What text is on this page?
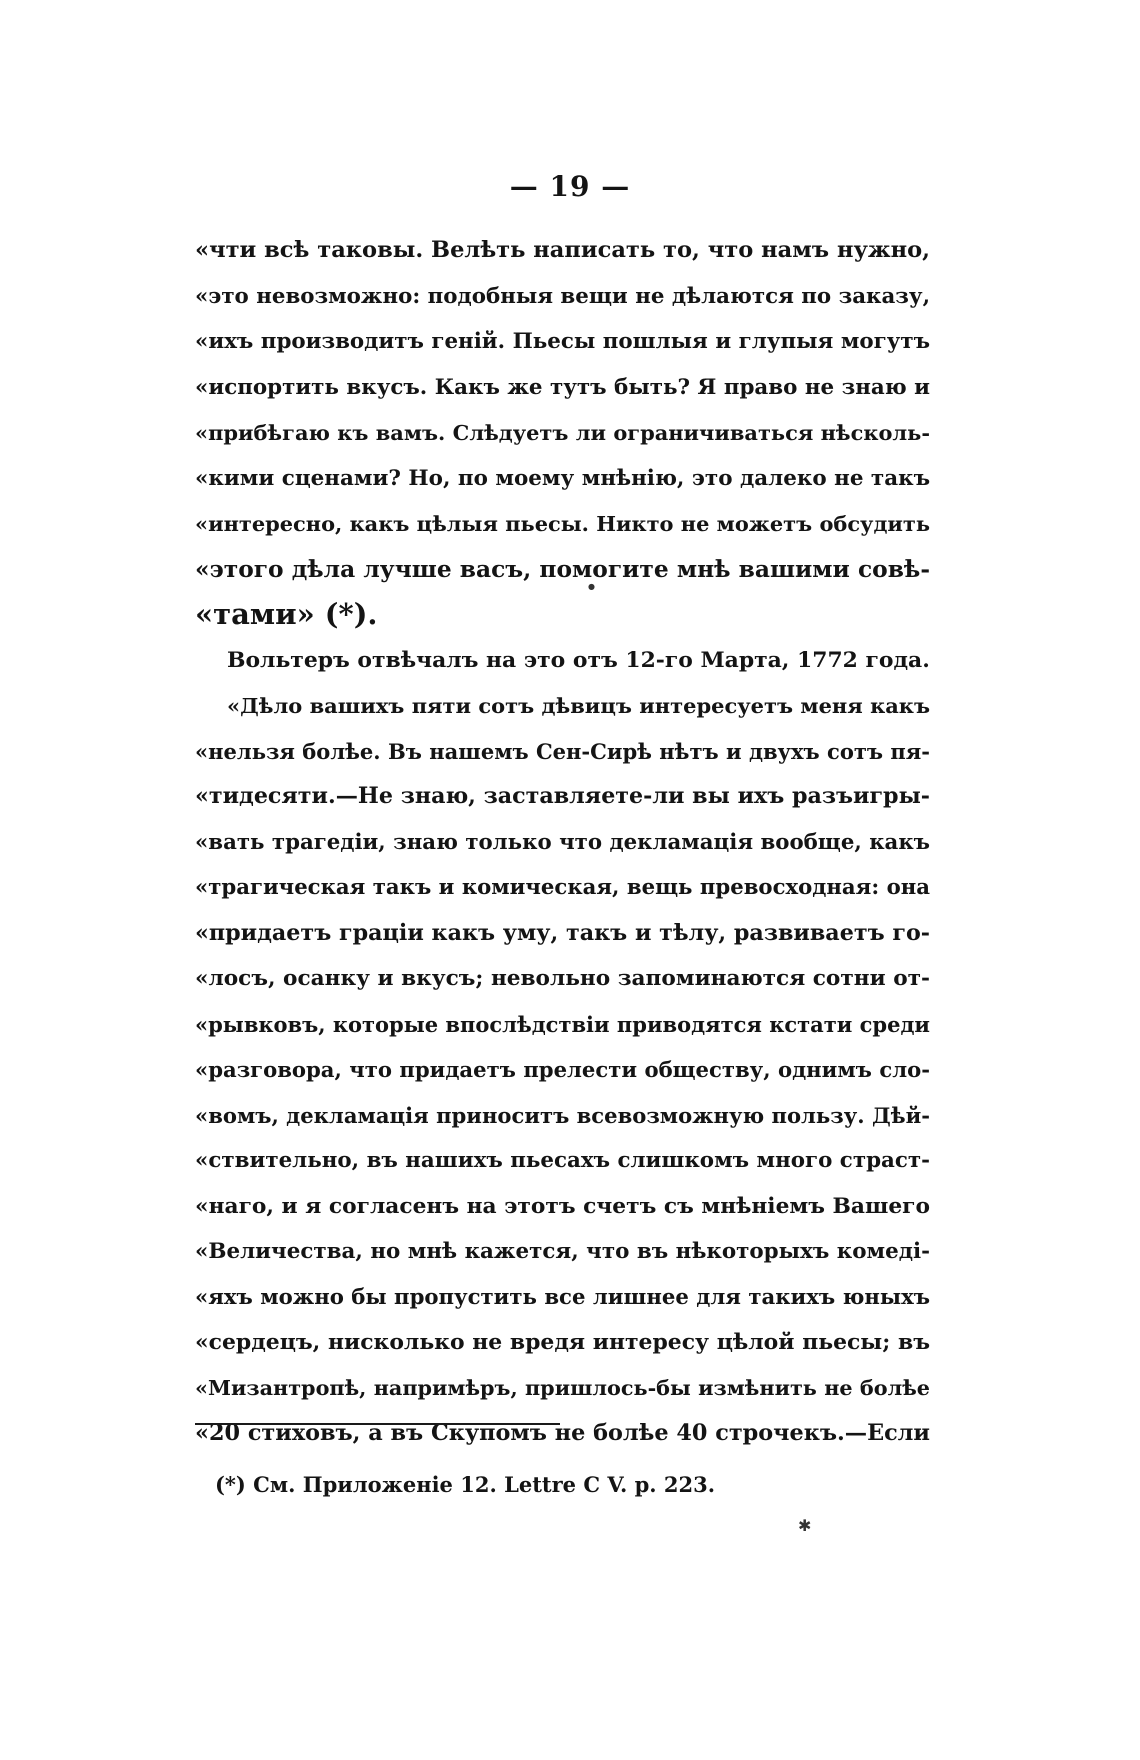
— 19 —
«чти всѣ таковы. Велѣть написать то, что намъ нужно,
«это невозможно: подобныя вещи не дѣлаются по заказу,
«ихъ производитъ геній. Пьесы пошлыя и глупыя могутъ
«испортить вкусъ. Какъ же тутъ быть? Я право не знаю и
«прибѣгаю къ вамъ. Слѣдуетъ ли ограничиваться нѣсколь-
«кими сценами? Но, по моему мнѣнію, это далеко не такъ
«интересно, какъ цѣлыя пьесы. Никто не можетъ обсудить
«этого дѣла лучше васъ, помогите мнѣ вашими совѣ-
«тами» (*).
Вольтеръ отвѣчалъ на это отъ 12-го Марта, 1772 года.
«Дѣло вашихъ пяти сотъ дѣвицъ интересуетъ меня какъ
«нельзя болѣе. Въ нашемъ Сен-Сирѣ нѣтъ и двухъ сотъ пя-
«тидесяти.—Не знаю, заставляете-ли вы ихъ разъигры-
«вать трагедіи, знаю только что декламація вообще, какъ
«трагическая такъ и комическая, вещь превосходная: она
«придаетъ граціи какъ уму, такъ и тѣлу, развиваетъ го-
«лосъ, осанку и вкусъ; невольно запоминаются сотни от-
«рывковъ, которые впослѣдствіи приводятся кстати среди
«разговора, что придаетъ прелести обществу, однимъ сло-
«вомъ, декламація приноситъ всевозможную пользу. Дѣй-
«ствительно, въ нашихъ пьесахъ слишкомъ много страст-
«наго, и я согласенъ на этотъ счетъ съ мнѣніемъ Вашего
«Величества, но мнѣ кажется, что въ нѣкоторыхъ комеді-
«яхъ можно бы пропустить все лишнее для такихъ юныхъ
«сердецъ, нисколько не вредя интересу цѣлой пьесы; въ
«Мизантропѣ, напримѣръ, пришлось-бы измѣнить не болѣе
«20 стиховъ, а въ Скупомъ не болѣе 40 строчекъ.—Если
(*) См. Приложеніе 12. Lettre C V. p. 223.
✱
●
